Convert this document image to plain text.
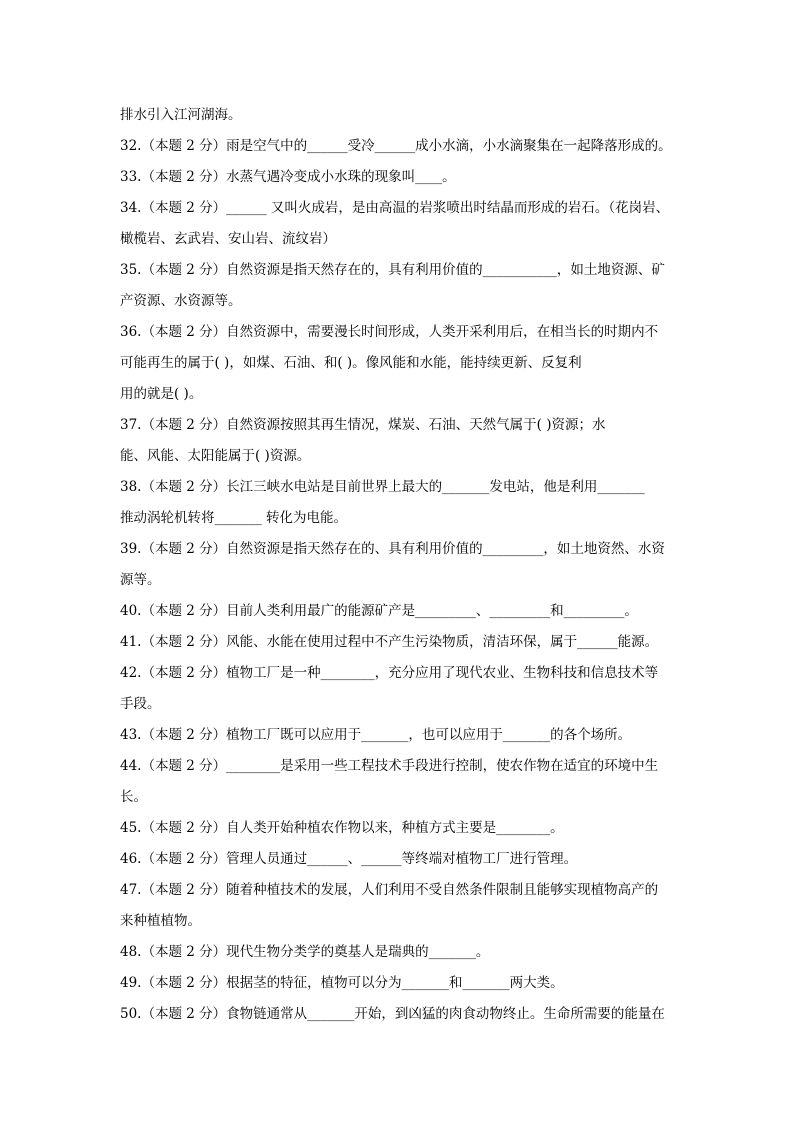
排水引入江河湖海。
32.（本题 2 分）雨是空气中的______受冷______成小水滴，小水滴聚集在一起降落形成的。
33.（本题 2 分）水蒸气遇冷变成小水珠的现象叫____。
34.（本题 2 分）______ 又叫火成岩，是由高温的岩浆喷出时结晶而形成的岩石。（花岗岩、
橄榄岩、玄武岩、安山岩、流纹岩）
35.（本题 2 分）自然资源是指天然存在的，具有利用价值的___________，如土地资源、矿
产资源、水资源等。
36.（本题 2 分）自然资源中，需要漫长时间形成，人类开采利用后，在相当长的时期内不
可能再生的属于( )，如煤、石油、和( )。像风能和水能，能持续更新、反复利
用的就是( )。
37.（本题 2 分）自然资源按照其再生情况，煤炭、石油、天然气属于( )资源；水
能、风能、太阳能属于( )资源。
38.（本题 2 分）长江三峡水电站是目前世界上最大的_______发电站，他是利用_______
推动涡轮机转将_______ 转化为电能。
39.（本题 2 分）自然资源是指天然存在的、具有利用价值的_________，如土地资然、水资
源等。
40.（本题 2 分）目前人类利用最广的能源矿产是_________、_________和_________。
41.（本题 2 分）风能、水能在使用过程中不产生污染物质，清洁环保，属于______能源。
42.（本题 2 分）植物工厂是一种________，充分应用了现代农业、生物科技和信息技术等
手段。
43.（本题 2 分）植物工厂既可以应用于_______，也可以应用于_______的各个场所。
44.（本题 2 分）________是采用一些工程技术手段进行控制，使农作物在适宜的环境中生
长。
45.（本题 2 分）自人类开始种植农作物以来，种植方式主要是________。
46.（本题 2 分）管理人员通过______、______等终端对植物工厂进行管理。
47.（本题 2 分）随着种植技术的发展，人们利用不受自然条件限制且能够实现植物高产的
来种植植物。
48.（本题 2 分）现代生物分类学的奠基人是瑞典的_______。
49.（本题 2 分）根据茎的特征，植物可以分为_______和_______两大类。
50.（本题 2 分）食物链通常从_______开始，到凶猛的肉食动物终止。生命所需要的能量在
